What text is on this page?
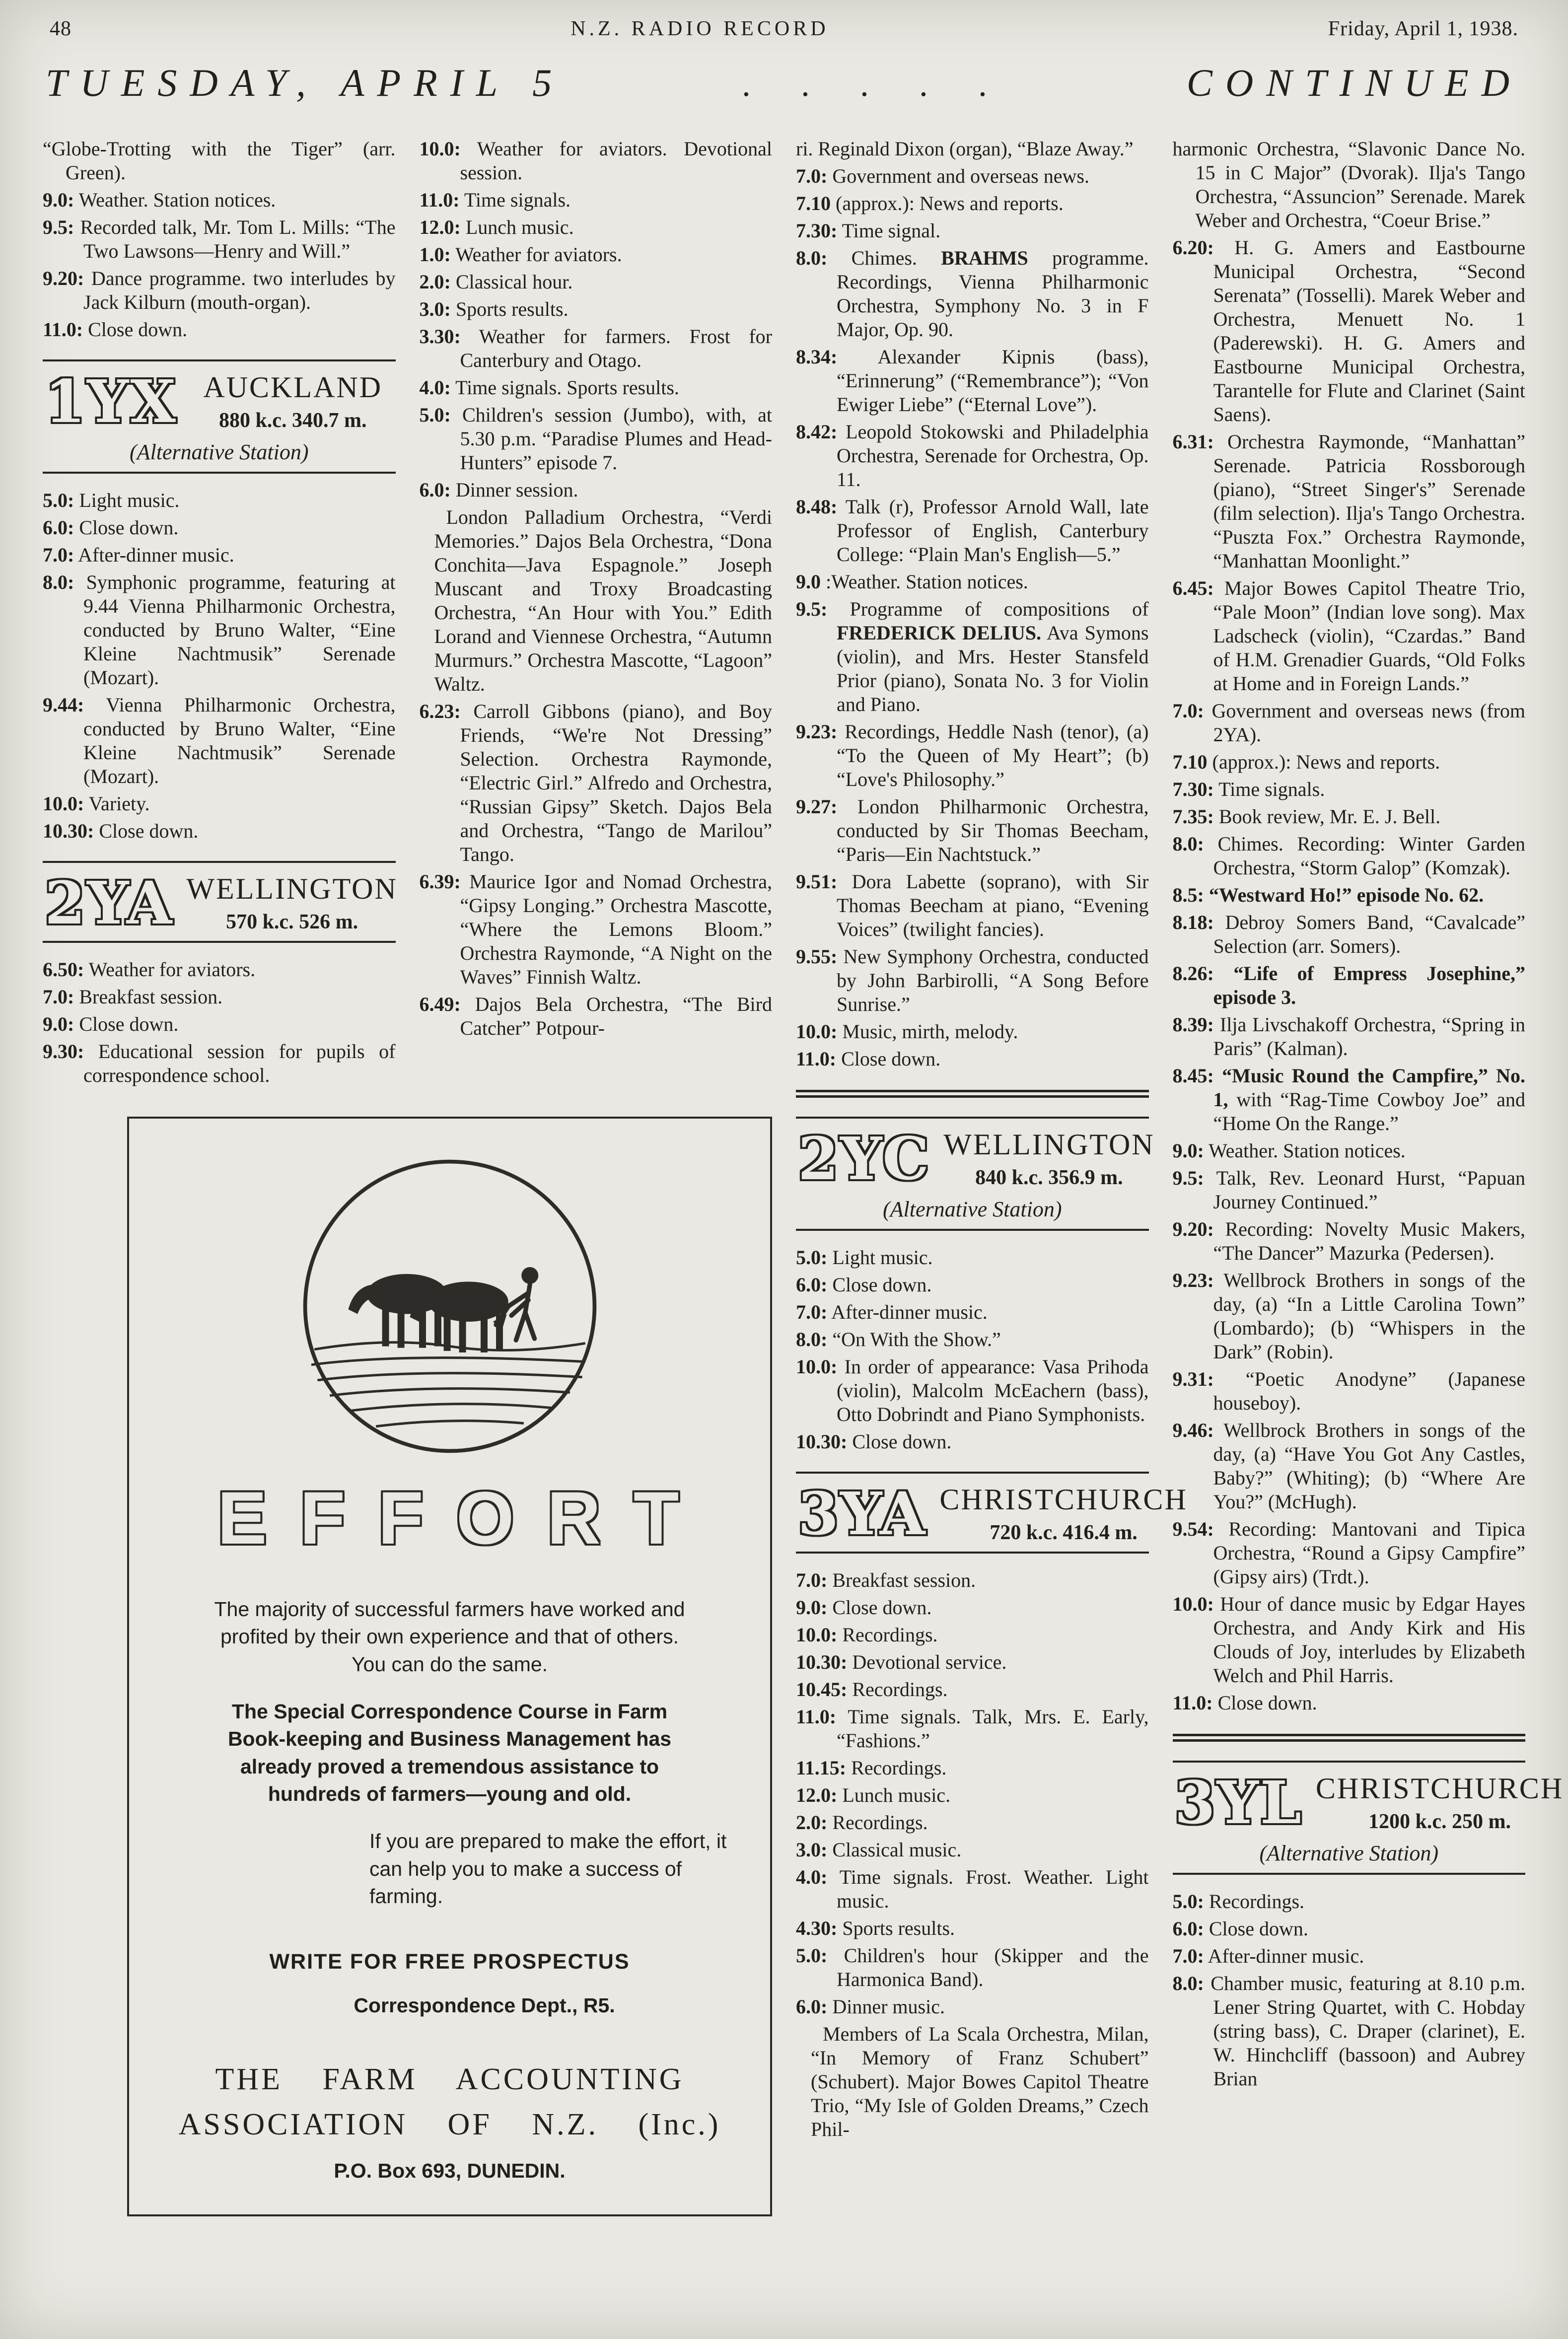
48	N.Z. RADIO RECORD	Friday, April 1, 1938.
TUESDAY, APRIL 5	. . . . .	CONTINUED

“Globe-Trotting with the Tiger” (arr. Green).

9.0: Weather. Station notices.

9.5: Recorded talk, Mr. Tom L. Mills: “The Two Lawsons—Henry and Will.”

9.20: Dance programme. two interludes by Jack Kilburn (mouth-organ).

11.0: Close down.

1YX AUCKLAND
880 k.c. 340.7 m.
(Alternative Station)

5.0: Light music.

6.0: Close down.

7.0: After-dinner music.

8.0: Symphonic programme, featuring at 9.44 Vienna Philharmonic Orchestra, conducted by Bruno Walter, “Eine Kleine Nachtmusik” Serenade (Mozart).

9.44: Vienna Philharmonic Orchestra, conducted by Bruno Walter, “Eine Kleine Nachtmusik” Serenade (Mozart).

10.0: Variety.

10.30: Close down.

2YA WELLINGTON
570 k.c. 526 m.

6.50: Weather for aviators.

7.0: Breakfast session.

9.0: Close down.

9.30: Educational session for pupils of correspondence school.

10.0: Weather for aviators. Devotional session.

11.0: Time signals.

12.0: Lunch music.

1.0: Weather for aviators.

2.0: Classical hour.

3.0: Sports results.

3.30: Weather for farmers. Frost for Canterbury and Otago.

4.0: Time signals. Sports results.

5.0: Children's session (Jumbo), with, at 5.30 p.m. “Paradise Plumes and Head-Hunters” episode 7.

6.0: Dinner session.

London Palladium Orchestra, “Verdi Memories.” Dajos Bela Orchestra, “Dona Conchita—Java Espagnole.” Joseph Muscant and Troxy Broadcasting Orchestra, “An Hour with You.” Edith Lorand and Viennese Orchestra, “Autumn Murmurs.” Orchestra Mascotte, “Lagoon” Waltz.

6.23: Carroll Gibbons (piano), and Boy Friends, “We're Not Dressing” Selection. Orchestra Raymonde, “Electric Girl.” Alfredo and Orchestra, “Russian Gipsy” Sketch. Dajos Bela and Orchestra, “Tango de Marilou” Tango.

6.39: Maurice Igor and Nomad Orchestra, “Gipsy Longing.” Orchestra Mascotte, “Where the Lemons Bloom.” Orchestra Raymonde, “A Night on the Waves” Finnish Waltz.

6.49: Dajos Bela Orchestra, “The Bird Catcher” Potpour-

EFFORT

The majority of successful farmers have worked and profited by their own experience and that of others. You can do the same.

The Special Correspondence Course in Farm Book-keeping and Business Management has already proved a tremendous assistance to hundreds of farmers—young and old.

If you are prepared to make the effort, it can help you to make a success of farming.

WRITE FOR FREE PROSPECTUS

Correspondence Dept., R5.

THE FARM ACCOUNTING

ASSOCIATION OF N.Z. (Inc.)

P.O. Box 693, DUNEDIN.

ri. Reginald Dixon (organ), “Blaze Away.”

7.0: Government and overseas news.

7.10 (approx.): News and reports.

7.30: Time signal.

8.0: Chimes. BRAHMS programme. Recordings, Vienna Philharmonic Orchestra, Symphony No. 3 in F Major, Op. 90.

8.34: Alexander Kipnis (bass), “Erinnerung” (“Remembrance”); “Von Ewiger Liebe” (“Eternal Love”).

8.42: Leopold Stokowski and Philadelphia Orchestra, Serenade for Orchestra, Op. 11.

8.48: Talk (r), Professor Arnold Wall, late Professor of English, Canterbury College: “Plain Man's English—5.”

9.0 :Weather. Station notices.

9.5: Programme of compositions of FREDERICK DELIUS. Ava Symons (violin), and Mrs. Hester Stansfeld Prior (piano), Sonata No. 3 for Violin and Piano.

9.23: Recordings, Heddle Nash (tenor), (a) “To the Queen of My Heart”; (b) “Love's Philosophy.”

9.27: London Philharmonic Orchestra, conducted by Sir Thomas Beecham, “Paris—Ein Nachtstuck.”

9.51: Dora Labette (soprano), with Sir Thomas Beecham at piano, “Evening Voices” (twilight fancies).

9.55: New Symphony Orchestra, conducted by John Barbirolli, “A Song Before Sunrise.”

10.0: Music, mirth, melody.

11.0: Close down.

2YC WELLINGTON
840 k.c. 356.9 m.
(Alternative Station)

5.0: Light music.

6.0: Close down.

7.0: After-dinner music.

8.0: “On With the Show.”

10.0: In order of appearance: Vasa Prihoda (violin), Malcolm McEachern (bass), Otto Dobrindt and Piano Symphonists.

10.30: Close down.

3YA CHRISTCHURCH
720 k.c. 416.4 m.

7.0: Breakfast session.

9.0: Close down.

10.0: Recordings.

10.30: Devotional service.

10.45: Recordings.

11.0: Time signals. Talk, Mrs. E. Early, “Fashions.”

11.15: Recordings.

12.0: Lunch music.

2.0: Recordings.

3.0: Classical music.

4.0: Time signals. Frost. Weather. Light music.

4.30: Sports results.

5.0: Children's hour (Skipper and the Harmonica Band).

6.0: Dinner music.

Members of La Scala Orchestra, Milan, “In Memory of Franz Schubert” (Schubert). Major Bowes Capitol Theatre Trio, “My Isle of Golden Dreams,” Czech Phil-

harmonic Orchestra, “Slavonic Dance No. 15 in C Major” (Dvorak). Ilja's Tango Orchestra, “Assuncion” Serenade. Marek Weber and Orchestra, “Coeur Brise.”

6.20: H. G. Amers and Eastbourne Municipal Orchestra, “Second Serenata” (Tosselli). Marek Weber and Orchestra, Menuett No. 1 (Paderewski). H. G. Amers and Eastbourne Municipal Orchestra, Tarantelle for Flute and Clarinet (Saint Saens).

6.31: Orchestra Raymonde, “Manhattan” Serenade. Patricia Rossborough (piano), “Street Singer's” Serenade (film selection). Ilja's Tango Orchestra. “Puszta Fox.” Orchestra Raymonde, “Manhattan Moonlight.”

6.45: Major Bowes Capitol Theatre Trio, “Pale Moon” (Indian love song). Max Ladscheck (violin), “Czardas.” Band of H.M. Grenadier Guards, “Old Folks at Home and in Foreign Lands.”

7.0: Government and overseas news (from 2YA).

7.10 (approx.): News and reports.

7.30: Time signals.

7.35: Book review, Mr. E. J. Bell.

8.0: Chimes. Recording: Winter Garden Orchestra, “Storm Galop” (Komzak).

8.5: “Westward Ho!” episode No. 62.

8.18: Debroy Somers Band, “Cavalcade” Selection (arr. Somers).

8.26: “Life of Empress Josephine,” episode 3.

8.39: Ilja Livschakoff Orchestra, “Spring in Paris” (Kalman).

8.45: “Music Round the Campfire,” No. 1, with “Rag-Time Cowboy Joe” and “Home On the Range.”

9.0: Weather. Station notices.

9.5: Talk, Rev. Leonard Hurst, “Papuan Journey Continued.”

9.20: Recording: Novelty Music Makers, “The Dancer” Mazurka (Pedersen).

9.23: Wellbrock Brothers in songs of the day, (a) “In a Little Carolina Town” (Lombardo); (b) “Whispers in the Dark” (Robin).

9.31: “Poetic Anodyne” (Japanese houseboy).

9.46: Wellbrock Brothers in songs of the day, (a) “Have You Got Any Castles, Baby?” (Whiting); (b) “Where Are You?” (McHugh).

9.54: Recording: Mantovani and Tipica Orchestra, “Round a Gipsy Campfire” (Gipsy airs) (Trdt.).

10.0: Hour of dance music by Edgar Hayes Orchestra, and Andy Kirk and His Clouds of Joy, interludes by Elizabeth Welch and Phil Harris.

11.0: Close down.

3YL CHRISTCHURCH
1200 k.c. 250 m.
(Alternative Station)

5.0: Recordings.

6.0: Close down.

7.0: After-dinner music.

8.0: Chamber music, featuring at 8.10 p.m. Lener String Quartet, with C. Hobday (string bass), C. Draper (clarinet), E. W. Hinchcliff (bassoon) and Aubrey Brian
